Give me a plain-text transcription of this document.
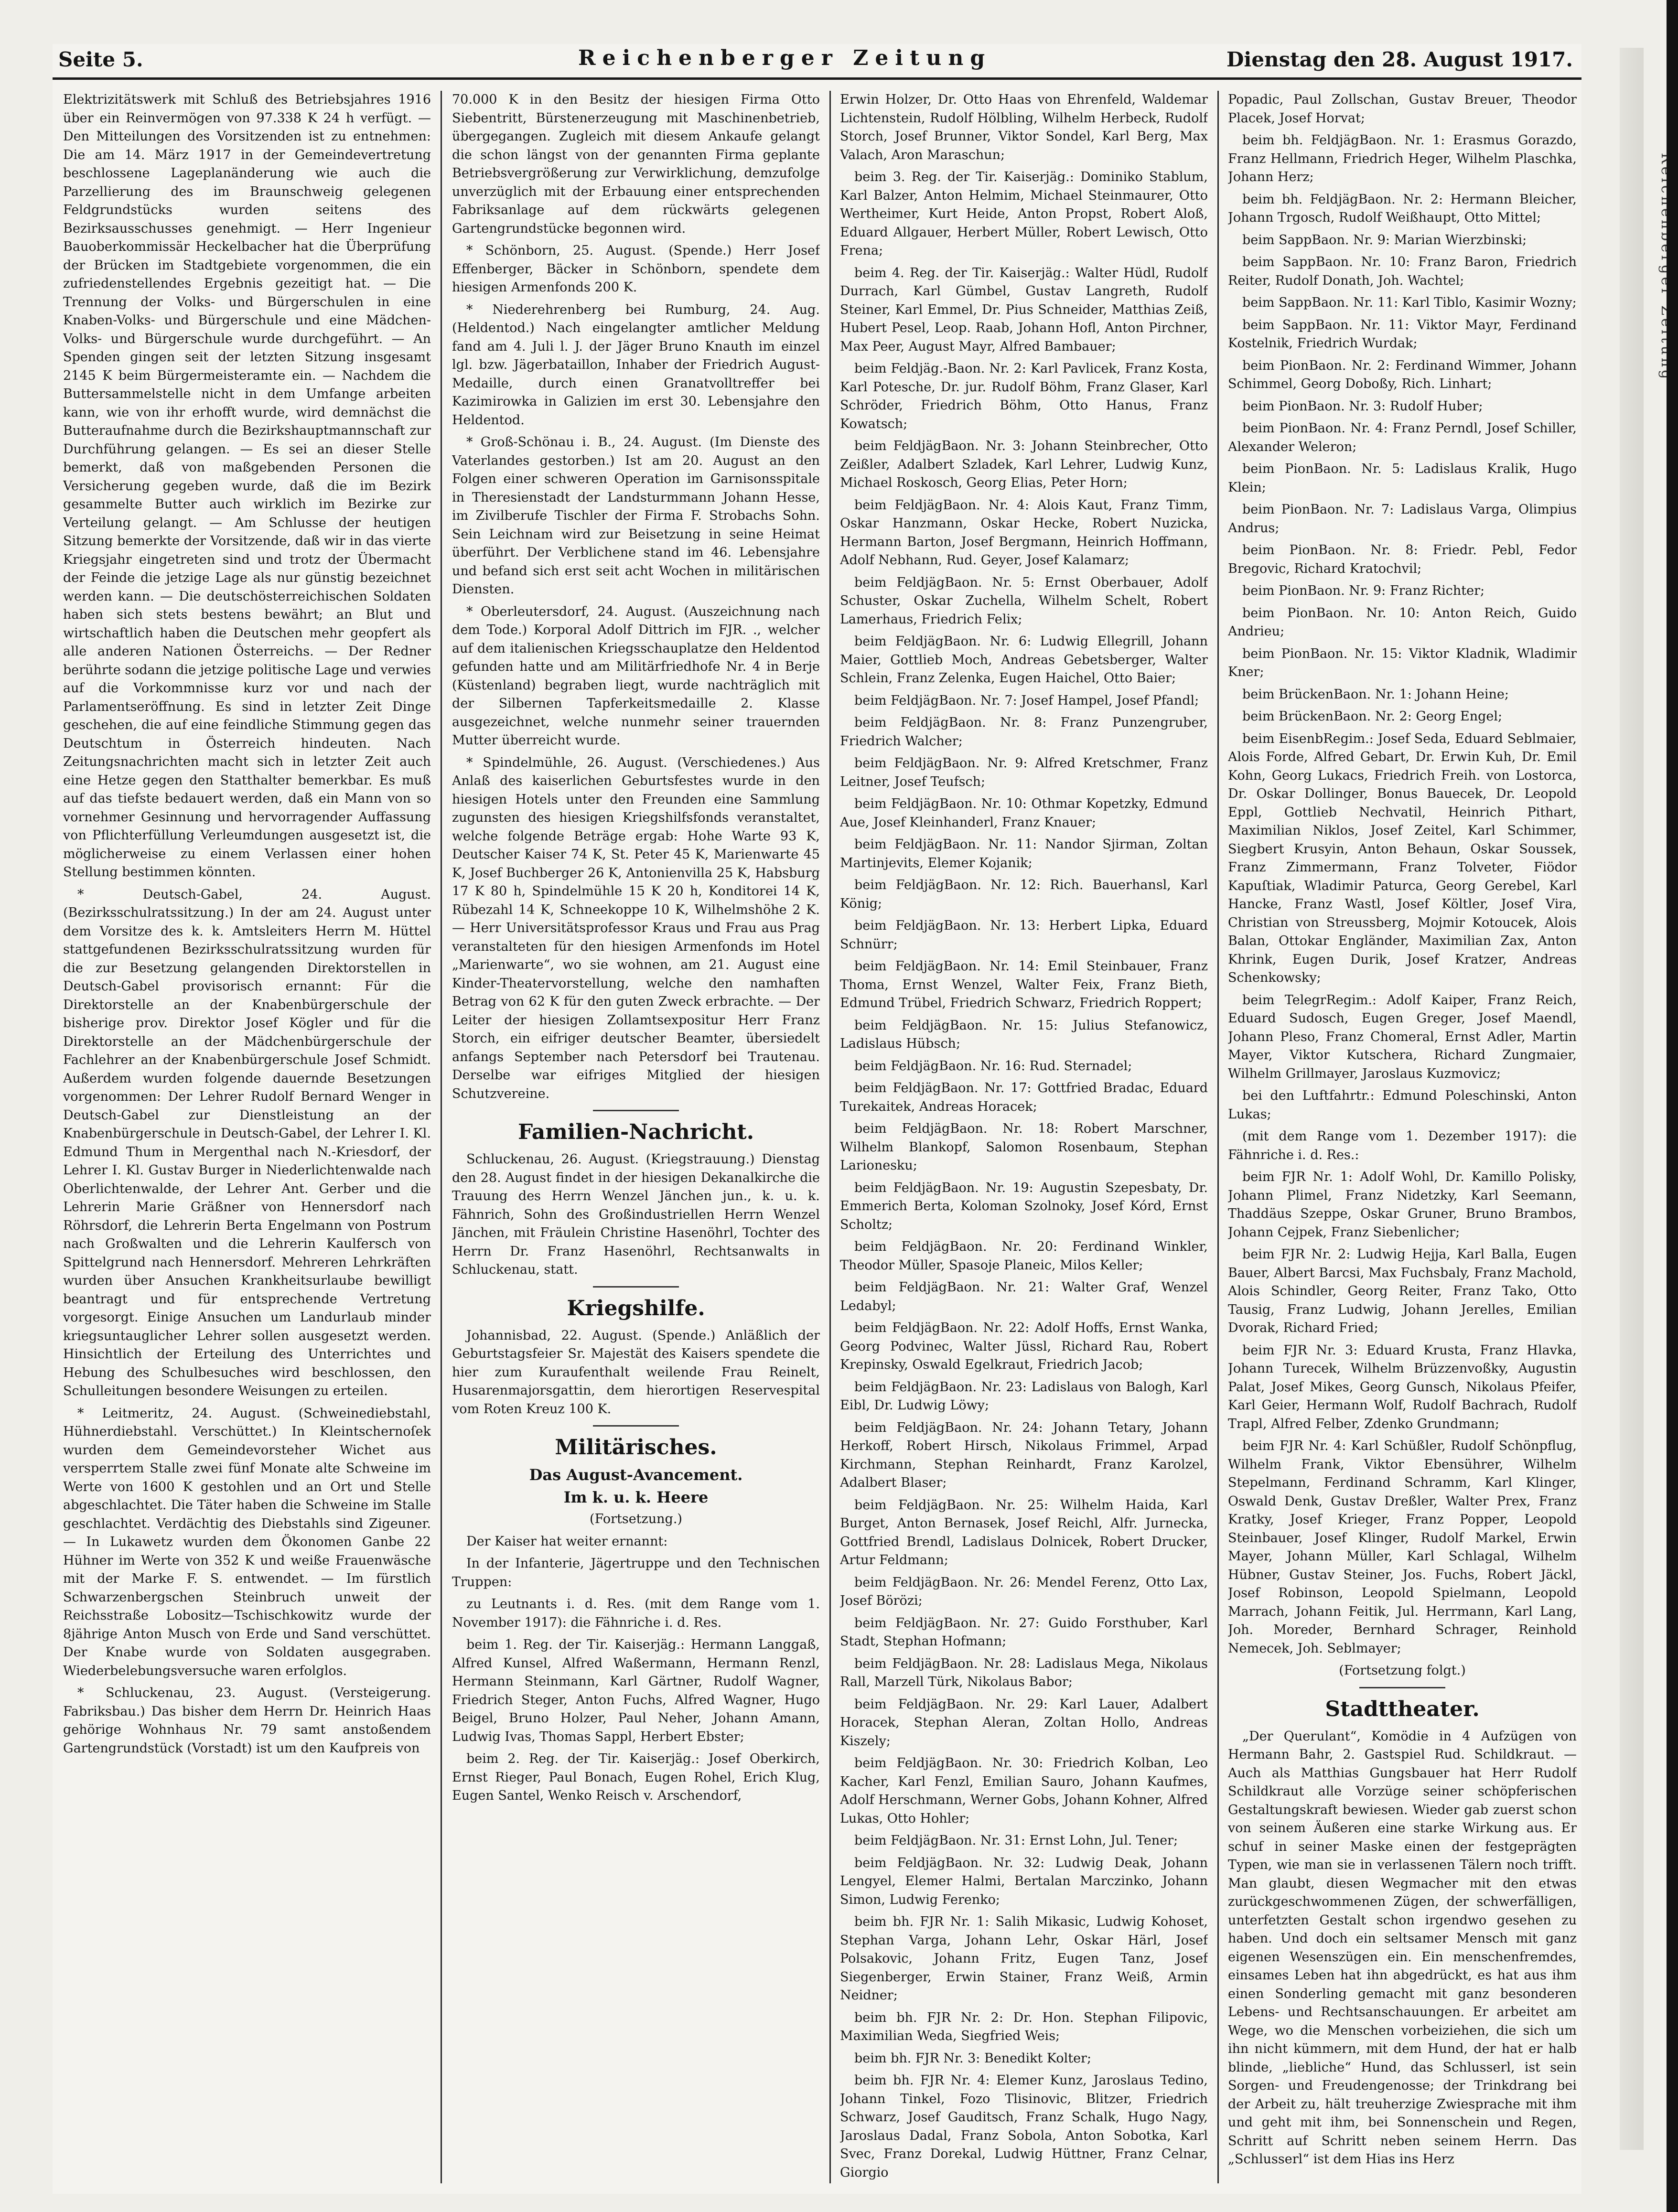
Seite 5.	Reichenberger Zeitung	Dienstag den 28. August 1917.

Elektrizitätswerk mit Schluß des Betriebsjahres 1916 über ein Reinvermögen von 97.338 K 24 h verfügt. — Den Mitteilungen des Vorsitzenden ist zu entnehmen: Die am 14. März 1917 in der Gemeindevertretung beschlossene Lageplanänderung wie auch die Parzellierung des im Braunschweig gelegenen Feldgrundstücks wurden seitens des Bezirksausschusses genehmigt. — Herr Ingenieur Bauoberkommissär Heckelbacher hat die Überprüfung der Brücken im Stadtgebiete vorgenommen, die ein zufriedenstellendes Ergebnis gezeitigt hat. — Die Trennung der Volks- und Bürgerschulen in eine Knaben-Volks- und Bürgerschule und eine Mädchen-Volks- und Bürgerschule wurde durchgeführt. — An Spenden gingen seit der letzten Sitzung insgesamt 2145 K beim Bürgermeisteramte ein. — Nachdem die Buttersammelstelle nicht in dem Umfange arbeiten kann, wie von ihr erhofft wurde, wird demnächst die Butteraufnahme durch die Bezirkshauptmannschaft zur Durchführung gelangen. — Es sei an dieser Stelle bemerkt, daß von maßgebenden Personen die Versicherung gegeben wurde, daß die im Bezirk gesammelte Butter auch wirklich im Bezirke zur Verteilung gelangt. — Am Schlusse der heutigen Sitzung bemerkte der Vorsitzende, daß wir in das vierte Kriegsjahr eingetreten sind und trotz der Übermacht der Feinde die jetzige Lage als nur günstig bezeichnet werden kann. — Die deutschösterreichischen Soldaten haben sich stets bestens bewährt; an Blut und wirtschaftlich haben die Deutschen mehr geopfert als alle anderen Nationen Österreichs. — Der Redner berührte sodann die jetzige politische Lage und verwies auf die Vorkommnisse kurz vor und nach der Parlamentseröffnung. Es sind in letzter Zeit Dinge geschehen, die auf eine feindliche Stimmung gegen das Deutschtum in Österreich hindeuten. Nach Zeitungsnachrichten macht sich in letzter Zeit auch eine Hetze gegen den Statthalter bemerkbar. Es muß auf das tiefste bedauert werden, daß ein Mann von so vornehmer Gesinnung und hervorragender Auffassung von Pflichterfüllung Verleumdungen ausgesetzt ist, die möglicherweise zu einem Verlassen einer hohen Stellung bestimmen könnten.

* Deutsch-Gabel, 24. August. (Bezirksschulratssitzung.) In der am 24. August unter dem Vorsitze des k. k. Amtsleiters Herrn M. Hüttel stattgefundenen Bezirksschulratssitzung wurden für die zur Besetzung gelangenden Direktorstellen in Deutsch-Gabel provisorisch ernannt: Für die Direktorstelle an der Knabenbürgerschule der bisherige prov. Direktor Josef Kögler und für die Direktorstelle an der Mädchenbürgerschule der Fachlehrer an der Knabenbürgerschule Josef Schmidt. Außerdem wurden folgende dauernde Besetzungen vorgenommen: Der Lehrer Rudolf Bernard Wenger in Deutsch-Gabel zur Dienstleistung an der Knabenbürgerschule in Deutsch-Gabel, der Lehrer I. Kl. Edmund Thum in Mergenthal nach N.-Kriesdorf, der Lehrer I. Kl. Gustav Burger in Niederlichtenwalde nach Oberlichtenwalde, der Lehrer Ant. Gerber und die Lehrerin Marie Gräßner von Hennersdorf nach Röhrsdorf, die Lehrerin Berta Engelmann von Postrum nach Großwalten und die Lehrerin Kaulfersch von Spittelgrund nach Hennersdorf. Mehreren Lehrkräften wurden über Ansuchen Krankheitsurlaube bewilligt beantragt und für entsprechende Vertretung vorgesorgt. Einige Ansuchen um Landurlaub minder kriegsuntauglicher Lehrer sollen ausgesetzt werden. Hinsichtlich der Erteilung des Unterrichtes und Hebung des Schulbesuches wird beschlossen, den Schulleitungen besondere Weisungen zu erteilen.

* Leitmeritz, 24. August. (Schweinediebstahl, Hühnerdiebstahl. Verschüttet.) In Kleintschernoſek wurden dem Gemeindevorsteher Wichet aus versperrtem Stalle zwei fünf Monate alte Schweine im Werte von 1600 K gestohlen und an Ort und Stelle abgeschlachtet. Die Täter haben die Schweine im Stalle geschlachtet. Verdächtig des Diebstahls sind Zigeuner. — In Lukawetz wurden dem Ökonomen Ganbe 22 Hühner im Werte von 352 K und weiße Frauenwäsche mit der Marke F. S. entwendet. — Im fürstlich Schwarzenbergschen Steinbruch unweit der Reichsstraße Lobositz—Tschischkowitz wurde der 8jährige Anton Musch von Erde und Sand verschüttet. Der Knabe wurde von Soldaten ausgegraben. Wiederbelebungsversuche waren erfolglos.

* Schluckenau, 23. August. (Versteigerung. Fabriksbau.) Das bisher dem Herrn Dr. Heinrich Haas gehörige Wohnhaus Nr. 79 samt anstoßendem Gartengrundstück (Vorstadt) ist um den Kaufpreis von

70.000 K in den Besitz der hiesigen Firma Otto Siebentritt, Bürstenerzeugung mit Maschinenbetrieb, übergegangen. Zugleich mit diesem Ankaufe gelangt die schon längst von der genannten Firma geplante Betriebsvergrößerung zur Verwirklichung, demzufolge unverzüglich mit der Erbauung einer entsprechenden Fabriksanlage auf dem rückwärts gelegenen Gartengrundstücke begonnen wird.

* Schönborn, 25. August. (Spende.) Herr Josef Effenberger, Bäcker in Schönborn, spendete dem hiesigen Armenfonds 200 K.

* Niederehrenberg bei Rumburg, 24. Aug. (Heldentod.) Nach eingelangter amtlicher Meldung fand am 4. Juli l. J. der Jäger Bruno Knauth im einzel lgl. bzw. Jägerbataillon, Inhaber der Friedrich August-Medaille, durch einen Granatvolltreffer bei Kazimirowka in Galizien im erst 30. Lebensjahre den Heldentod.

* Groß-Schönau i. B., 24. August. (Im Dienste des Vaterlandes gestorben.) Ist am 20. August an den Folgen einer schweren Operation im Garnisonsspitale in Theresienstadt der Landsturmmann Johann Hesse, im Zivilberufe Tischler der Firma F. Strobachs Sohn. Sein Leichnam wird zur Beisetzung in seine Heimat überführt. Der Verblichene stand im 46. Lebensjahre und befand sich erst seit acht Wochen in militärischen Diensten.

* Oberleutersdorf, 24. August. (Auszeichnung nach dem Tode.) Korporal Adolf Dittrich im FJR. ., welcher auf dem italienischen Kriegsschauplatze den Heldentod gefunden hatte und am Militärfriedhofe Nr. 4 in Berje (Küstenland) begraben liegt, wurde nachträglich mit der Silbernen Tapferkeitsmedaille 2. Klasse ausgezeichnet, welche nunmehr seiner trauernden Mutter überreicht wurde.

* Spindelmühle, 26. August. (Verschiedenes.) Aus Anlaß des kaiserlichen Geburtsfestes wurde in den hiesigen Hotels unter den Freunden eine Sammlung zugunsten des hiesigen Kriegshilfsfonds veranstaltet, welche folgende Beträge ergab: Hohe Warte 93 K, Deutscher Kaiser 74 K, St. Peter 45 K, Marienwarte 45 K, Josef Buchberger 26 K, Antonienvilla 25 K, Habsburg 17 K 80 h, Spindelmühle 15 K 20 h, Konditorei 14 K, Rübezahl 14 K, Schneekoppe 10 K, Wilhelmshöhe 2 K. — Herr Universitätsprofessor Kraus und Frau aus Prag veranstalteten für den hiesigen Armenfonds im Hotel „Marienwarte“, wo sie wohnen, am 21. August eine Kinder-Theatervorstellung, welche den namhaften Betrag von 62 K für den guten Zweck erbrachte. — Der Leiter der hiesigen Zollamtsexpositur Herr Franz Storch, ein eifriger deutscher Beamter, übersiedelt anfangs September nach Petersdorf bei Trautenau. Derselbe war eifriges Mitglied der hiesigen Schutzvereine.

Familien-Nachricht.

Schluckenau, 26. August. (Kriegstrauung.) Dienstag den 28. August findet in der hiesigen Dekanalkirche die Trauung des Herrn Wenzel Jänchen jun., k. u. k. Fähnrich, Sohn des Großindustriellen Herrn Wenzel Jänchen, mit Fräulein Christine Hasenöhrl, Tochter des Herrn Dr. Franz Hasenöhrl, Rechtsanwalts in Schluckenau, statt.

Kriegshilfe.

Johannisbad, 22. August. (Spende.) Anläßlich der Geburtstagsfeier Sr. Majestät des Kaisers spendete die hier zum Kuraufenthalt weilende Frau Reinelt, Husarenmajorsgattin, dem hierortigen Reservespital vom Roten Kreuz 100 K.

Militärisches.

Das August-Avancement.

Im k. u. k. Heere

(Fortsetzung.)

Der Kaiser hat weiter ernannt:

In der Infanterie, Jägertruppe und den Technischen Truppen:

zu Leutnants i. d. Res. (mit dem Range vom 1. November 1917): die Fähnriche i. d. Res.

beim 1. Reg. der Tir. Kaiserjäg.: Hermann Langgaß, Alfred Kunsel, Alfred Waßermann, Hermann Renzl, Hermann Steinmann, Karl Gärtner, Rudolf Wagner, Friedrich Steger, Anton Fuchs, Alfred Wagner, Hugo Beigel, Bruno Holzer, Paul Neher, Johann Amann, Ludwig Ivas, Thomas Sappl, Herbert Ebster;

beim 2. Reg. der Tir. Kaiserjäg.: Josef Oberkirch, Ernst Rieger, Paul Bonach, Eugen Rohel, Erich Klug, Eugen Santel, Wenko Reisch v. Arschendorf,

Erwin Holzer, Dr. Otto Haas von Ehrenfeld, Waldemar Lichtenstein, Rudolf Hölbling, Wilhelm Herbeck, Rudolf Storch, Josef Brunner, Viktor Sondel, Karl Berg, Max Valach, Aron Maraschun;

beim 3. Reg. der Tir. Kaiserjäg.: Dominiko Stablum, Karl Balzer, Anton Helmim, Michael Steinmaurer, Otto Wertheimer, Kurt Heide, Anton Propst, Robert Aloß, Eduard Allgauer, Herbert Müller, Robert Lewisch, Otto Frena;

beim 4. Reg. der Tir. Kaiserjäg.: Walter Hüdl, Rudolf Durrach, Karl Gümbel, Gustav Langreth, Rudolf Steiner, Karl Emmel, Dr. Pius Schneider, Matthias Zeiß, Hubert Pesel, Leop. Raab, Johann Hofl, Anton Pirchner, Max Peer, August Mayr, Alfred Bambauer;

beim Feldjäg.-Baon. Nr. 2: Karl Pavlicek, Franz Kosta, Karl Potesche, Dr. jur. Rudolf Böhm, Franz Glaser, Karl Schröder, Friedrich Böhm, Otto Hanus, Franz Kowatsch;

beim FeldjägBaon. Nr. 3: Johann Steinbrecher, Otto Zeißler, Adalbert Szladek, Karl Lehrer, Ludwig Kunz, Michael Roskosch, Georg Elias, Peter Horn;

beim FeldjägBaon. Nr. 4: Alois Kaut, Franz Timm, Oskar Hanzmann, Oskar Hecke, Robert Nuzicka, Hermann Barton, Josef Bergmann, Heinrich Hoffmann, Adolf Nebhann, Rud. Geyer, Josef Kalamarz;

beim FeldjägBaon. Nr. 5: Ernst Oberbauer, Adolf Schuster, Oskar Zuchella, Wilhelm Schelt, Robert Lamerhaus, Friedrich Felix;

beim FeldjägBaon. Nr. 6: Ludwig Ellegrill, Johann Maier, Gottlieb Moch, Andreas Gebetsberger, Walter Schlein, Franz Zelenka, Eugen Haichel, Otto Baier;

beim FeldjägBaon. Nr. 7: Josef Hampel, Josef Pfandl;

beim FeldjägBaon. Nr. 8: Franz Punzengruber, Friedrich Walcher;

beim FeldjägBaon. Nr. 9: Alfred Kretschmer, Franz Leitner, Josef Teufsch;

beim FeldjägBaon. Nr. 10: Othmar Kopetzky, Edmund Aue, Josef Kleinhanderl, Franz Knauer;

beim FeldjägBaon. Nr. 11: Nandor Sjirman, Zoltan Martinjevits, Elemer Kojanik;

beim FeldjägBaon. Nr. 12: Rich. Bauerhansl, Karl König;

beim FeldjägBaon. Nr. 13: Herbert Lipka, Eduard Schnürr;

beim FeldjägBaon. Nr. 14: Emil Steinbauer, Franz Thoma, Ernst Wenzel, Walter Feix, Franz Bieth, Edmund Trübel, Friedrich Schwarz, Friedrich Roppert;

beim FeldjägBaon. Nr. 15: Julius Stefanowicz, Ladislaus Hübsch;

beim FeldjägBaon. Nr. 16: Rud. Sternadel;

beim FeldjägBaon. Nr. 17: Gottfried Bradac, Eduard Turekaitek, Andreas Horacek;

beim FeldjägBaon. Nr. 18: Robert Marschner, Wilhelm Blankopf, Salomon Rosenbaum, Stephan Larionesku;

beim FeldjägBaon. Nr. 19: Augustin Szepesbaty, Dr. Emmerich Berta, Koloman Szolnoky, Josef Kórd, Ernst Scholtz;

beim FeldjägBaon. Nr. 20: Ferdinand Winkler, Theodor Müller, Spasoje Planeic, Milos Keller;

beim FeldjägBaon. Nr. 21: Walter Graf, Wenzel Ledabyl;

beim FeldjägBaon. Nr. 22: Adolf Hoffs, Ernst Wanka, Georg Podvinec, Walter Jüssl, Richard Rau, Robert Krepinsky, Oswald Egelkraut, Friedrich Jacob;

beim FeldjägBaon. Nr. 23: Ladislaus von Balogh, Karl Eibl, Dr. Ludwig Löwy;

beim FeldjägBaon. Nr. 24: Johann Tetary, Johann Herkoff, Robert Hirsch, Nikolaus Frimmel, Arpad Kirchmann, Stephan Reinhardt, Franz Karolzel, Adalbert Blaser;

beim FeldjägBaon. Nr. 25: Wilhelm Haida, Karl Burget, Anton Bernasek, Josef Reichl, Alfr. Jurnecka, Gottfried Brendl, Ladislaus Dolnicek, Robert Drucker, Artur Feldmann;

beim FeldjägBaon. Nr. 26: Mendel Ferenz, Otto Lax, Josef Börözi;

beim FeldjägBaon. Nr. 27: Guido Forsthuber, Karl Stadt, Stephan Hofmann;

beim FeldjägBaon. Nr. 28: Ladislaus Mega, Nikolaus Rall, Marzell Türk, Nikolaus Babor;

beim FeldjägBaon. Nr. 29: Karl Lauer, Adalbert Horacek, Stephan Aleran, Zoltan Hollo, Andreas Kiszely;

beim FeldjägBaon. Nr. 30: Friedrich Kolban, Leo Kacher, Karl Fenzl, Emilian Sauro, Johann Kaufmes, Adolf Herschmann, Werner Gobs, Johann Kohner, Alfred Lukas, Otto Hohler;

beim FeldjägBaon. Nr. 31: Ernst Lohn, Jul. Tener;

beim FeldjägBaon. Nr. 32: Ludwig Deak, Johann Lengyel, Elemer Halmi, Bertalan Marczinko, Johann Simon, Ludwig Ferenko;

beim bh. FJR Nr. 1: Salih Mikasic, Ludwig Kohoset, Stephan Varga, Johann Lehr, Oskar Härl, Josef Polsakovic, Johann Fritz, Eugen Tanz, Josef Siegenberger, Erwin Stainer, Franz Weiß, Armin Neidner;

beim bh. FJR Nr. 2: Dr. Hon. Stephan Filipovic, Maximilian Weda, Siegfried Weis;

beim bh. FJR Nr. 3: Benedikt Kolter;

beim bh. FJR Nr. 4: Elemer Kunz, Jaroslaus Tedino, Johann Tinkel, Fozo Tlisinovic, Blitzer, Friedrich Schwarz, Josef Gauditsch, Franz Schalk, Hugo Nagy, Jaroslaus Dadal, Franz Sobola, Anton Sobotka, Karl Svec, Franz Dorekal, Ludwig Hüttner, Franz Celnar, Giorgio

Popadic, Paul Zollschan, Gustav Breuer, Theodor Placek, Josef Horvat;

beim bh. FeldjägBaon. Nr. 1: Erasmus Gorazdo, Franz Hellmann, Friedrich Heger, Wilhelm Plaschka, Johann Herz;

beim bh. FeldjägBaon. Nr. 2: Hermann Bleicher, Johann Trgosch, Rudolf Weißhaupt, Otto Mittel;

beim SappBaon. Nr. 9: Marian Wierzbinski;

beim SappBaon. Nr. 10: Franz Baron, Friedrich Reiter, Rudolf Donath, Joh. Wachtel;

beim SappBaon. Nr. 11: Karl Tiblo, Kasimir Wozny;

beim SappBaon. Nr. 11: Viktor Mayr, Ferdinand Kostelnik, Friedrich Wurdak;

beim PionBaon. Nr. 2: Ferdinand Wimmer, Johann Schimmel, Georg Doboßy, Rich. Linhart;

beim PionBaon. Nr. 3: Rudolf Huber;

beim PionBaon. Nr. 4: Franz Perndl, Josef Schiller, Alexander Weleron;

beim PionBaon. Nr. 5: Ladislaus Kralik, Hugo Klein;

beim PionBaon. Nr. 7: Ladislaus Varga, Olimpius Andrus;

beim PionBaon. Nr. 8: Friedr. Pebl, Fedor Bregovic, Richard Kratochvil;

beim PionBaon. Nr. 9: Franz Richter;

beim PionBaon. Nr. 10: Anton Reich, Guido Andrieu;

beim PionBaon. Nr. 15: Viktor Kladnik, Wladimir Kner;

beim BrückenBaon. Nr. 1: Johann Heine;

beim BrückenBaon. Nr. 2: Georg Engel;

beim EisenbRegim.: Josef Seda, Eduard Seblmaier, Alois Forde, Alfred Gebart, Dr. Erwin Kuh, Dr. Emil Kohn, Georg Lukacs, Friedrich Freih. von Lostorca, Dr. Oskar Dollinger, Bonus Bauecek, Dr. Leopold Eppl, Gottlieb Nechvatil, Heinrich Pithart, Maximilian Niklos, Josef Zeitel, Karl Schimmer, Siegbert Krusyin, Anton Behaun, Oskar Soussek, Franz Zimmermann, Franz Tolveter, Fiödor Kapuſtiak, Wladimir Paturca, Georg Gerebel, Karl Hancke, Franz Wastl, Josef Költler, Josef Vira, Christian von Streussberg, Mojmir Kotoucek, Alois Balan, Ottokar Engländer, Maximilian Zax, Anton Khrink, Eugen Durik, Josef Kratzer, Andreas Schenkowsky;

beim TelegrRegim.: Adolf Kaiper, Franz Reich, Eduard Sudosch, Eugen Greger, Josef Maendl, Johann Pleso, Franz Chomeral, Ernst Adler, Martin Mayer, Viktor Kutschera, Richard Zungmaier, Wilhelm Grillmayer, Jaroslaus Kuzmovicz;

bei den Luftfahrtr.: Edmund Poleschinski, Anton Lukas;

(mit dem Range vom 1. Dezember 1917): die Fähnriche i. d. Res.:

beim FJR Nr. 1: Adolf Wohl, Dr. Kamillo Polisky, Johann Plimel, Franz Nidetzky, Karl Seemann, Thaddäus Szeppe, Oskar Gruner, Bruno Brambos, Johann Cejpek, Franz Siebenlicher;

beim FJR Nr. 2: Ludwig Hejja, Karl Balla, Eugen Bauer, Albert Barcsi, Max Fuchsbaly, Franz Machold, Alois Schindler, Georg Reiter, Franz Tako, Otto Tausig, Franz Ludwig, Johann Jerelles, Emilian Dvorak, Richard Fried;

beim FJR Nr. 3: Eduard Krusta, Franz Hlavka, Johann Turecek, Wilhelm Brüzzenvoßky, Augustin Palat, Josef Mikes, Georg Gunsch, Nikolaus Pfeifer, Karl Geier, Hermann Wolf, Rudolf Bachrach, Rudolf Trapl, Alfred Felber, Zdenko Grundmann;

beim FJR Nr. 4: Karl Schüßler, Rudolf Schönpflug, Wilhelm Frank, Viktor Ebensührer, Wilhelm Stepelmann, Ferdinand Schramm, Karl Klinger, Oswald Denk, Gustav Dreßler, Walter Prex, Franz Kratky, Josef Krieger, Franz Popper, Leopold Steinbauer, Josef Klinger, Rudolf Markel, Erwin Mayer, Johann Müller, Karl Schlagal, Wilhelm Hübner, Gustav Steiner, Jos. Fuchs, Robert Jäckl, Josef Robinson, Leopold Spielmann, Leopold Marrach, Johann Feitik, Jul. Herrmann, Karl Lang, Joh. Moreder, Bernhard Schrager, Reinhold Nemecek, Joh. Seblmayer;

(Fortsetzung folgt.)

Stadttheater.

„Der Querulant“, Komödie in 4 Aufzügen von Hermann Bahr, 2. Gastspiel Rud. Schildkraut. — Auch als Matthias Gungsbauer hat Herr Rudolf Schildkraut alle Vorzüge seiner schöpferischen Gestaltungskraft bewiesen. Wieder gab zuerst schon von seinem Äußeren eine starke Wirkung aus. Er schuf in seiner Maske einen der festgeprägten Typen, wie man sie in verlassenen Tälern noch trifft. Man glaubt, diesen Wegmacher mit den etwas zurückgeschwommenen Zügen, der schwerfälligen, unterfetzten Gestalt schon irgendwo gesehen zu haben. Und doch ein seltsamer Mensch mit ganz eigenen Wesenszügen ein. Ein menschenfremdes, einsames Leben hat ihn abgedrückt, es hat aus ihm einen Sonderling gemacht mit ganz besonderen Lebens- und Rechtsanschauungen. Er arbeitet am Wege, wo die Menschen vorbeiziehen, die sich um ihn nicht kümmern, mit dem Hund, der hat er halb blinde, „liebliche“ Hund, das Schlusserl, ist sein Sorgen- und Freudengenosse; der Trinkdrang bei der Arbeit zu, hält treuherzige Zwiesprache mit ihm und geht mit ihm, bei Sonnenschein und Regen, Schritt auf Schritt neben seinem Herrn. Das „Schlusserl“ ist dem Hias ins Herz
